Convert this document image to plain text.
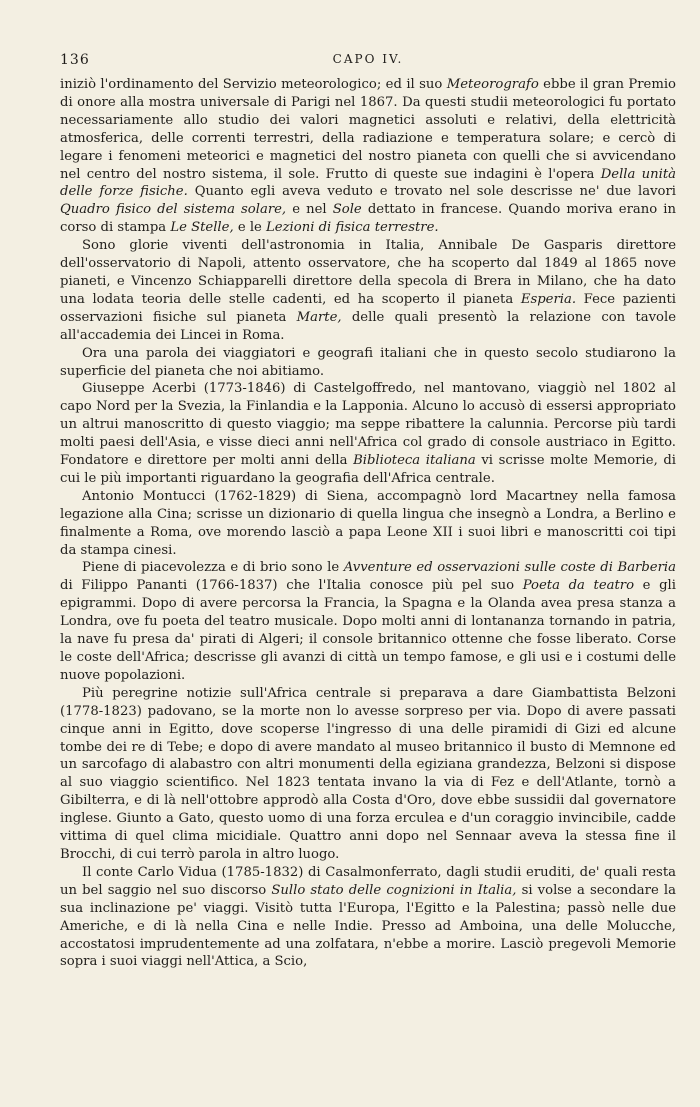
136	CAPO IV.

iniziò l'ordinamento del Servizio meteorologico; ed il suo Meteorografo ebbe il gran Premio di onore alla mostra universale di Parigi nel 1867. Da questi studii meteorologici fu portato necessariamente allo studio dei valori magnetici assoluti e relativi, della elettricità atmosferica, delle correnti terrestri, della radiazione e temperatura solare; e cercò di legare i fenomeni meteorici e magnetici del nostro pianeta con quelli che si avvicendano nel centro del nostro sistema, il sole. Frutto di queste sue indagini è l'opera Della unità delle forze fisiche. Quanto egli aveva veduto e trovato nel sole descrisse ne' due lavori Quadro fisico del sistema solare, e nel Sole dettato in francese. Quando moriva erano in corso di stampa Le Stelle, e le Lezioni di fisica terrestre.

Sono glorie viventi dell'astronomia in Italia, Annibale De Gasparis direttore dell'osservatorio di Napoli, attento osservatore, che ha scoperto dal 1849 al 1865 nove pianeti, e Vincenzo Schiapparelli direttore della specola di Brera in Milano, che ha dato una lodata teoria delle stelle cadenti, ed ha scoperto il pianeta Esperia. Fece pazienti osservazioni fisiche sul pianeta Marte, delle quali presentò la relazione con tavole all'accademia dei Lincei in Roma.

Ora una parola dei viaggiatori e geografi italiani che in questo secolo studiarono la superficie del pianeta che noi abitiamo.

Giuseppe Acerbi (1773-1846) di Castelgoffredo, nel mantovano, viaggiò nel 1802 al capo Nord per la Svezia, la Finlandia e la Lapponia. Alcuno lo accusò di essersi appropriato un altrui manoscritto di questo viaggio; ma seppe ribattere la calunnia. Percorse più tardi molti paesi dell'Asia, e visse dieci anni nell'Africa col grado di console austriaco in Egitto. Fondatore e direttore per molti anni della Biblioteca italiana vi scrisse molte Memorie, di cui le più importanti riguardano la geografia dell'Africa centrale.

Antonio Montucci (1762-1829) di Siena, accompagnò lord Macartney nella famosa legazione alla Cina; scrisse un dizionario di quella lingua che insegnò a Londra, a Berlino e finalmente a Roma, ove morendo lasciò a papa Leone XII i suoi libri e manoscritti coi tipi da stampa cinesi.

Piene di piacevolezza e di brio sono le Avventure ed osservazioni sulle coste di Barberia di Filippo Pananti (1766-1837) che l'Italia conosce più pel suo Poeta da teatro e gli epigrammi. Dopo di avere percorsa la Francia, la Spagna e la Olanda avea presa stanza a Londra, ove fu poeta del teatro musicale. Dopo molti anni di lontananza tornando in patria, la nave fu presa da' pirati di Algeri; il console britannico ottenne che fosse liberato. Corse le coste dell'Africa; descrisse gli avanzi di città un tempo famose, e gli usi e i costumi delle nuove popolazioni.

Più peregrine notizie sull'Africa centrale si preparava a dare Giambattista Belzoni (1778-1823) padovano, se la morte non lo avesse sorpreso per via. Dopo di avere passati cinque anni in Egitto, dove scoperse l'ingresso di una delle piramidi di Gizi ed alcune tombe dei re di Tebe; e dopo di avere mandato al museo britannico il busto di Memnone ed un sarcofago di alabastro con altri monumenti della egiziana grandezza, Belzoni si dispose al suo viaggio scientifico. Nel 1823 tentata invano la via di Fez e dell'Atlante, tornò a Gibilterra, e di là nell'ottobre approdò alla Costa d'Oro, dove ebbe sussidii dal governatore inglese. Giunto a Gato, questo uomo di una forza erculea e d'un coraggio invincibile, cadde vittima di quel clima micidiale. Quattro anni dopo nel Sennaar aveva la stessa fine il Brocchi, di cui terrò parola in altro luogo.

Il conte Carlo Vidua (1785-1832) di Casalmonferrato, dagli studii eruditi, de' quali resta un bel saggio nel suo discorso Sullo stato delle cognizioni in Italia, si volse a secondare la sua inclinazione pe' viaggi. Visitò tutta l'Europa, l'Egitto e la Palestina; passò nelle due Americhe, e di là nella Cina e nelle Indie. Presso ad Amboina, una delle Molucche, accostatosi imprudentemente ad una zolfatara, n'ebbe a morire. Lasciò pregevoli Memorie sopra i suoi viaggi nell'Attica, a Scio,
